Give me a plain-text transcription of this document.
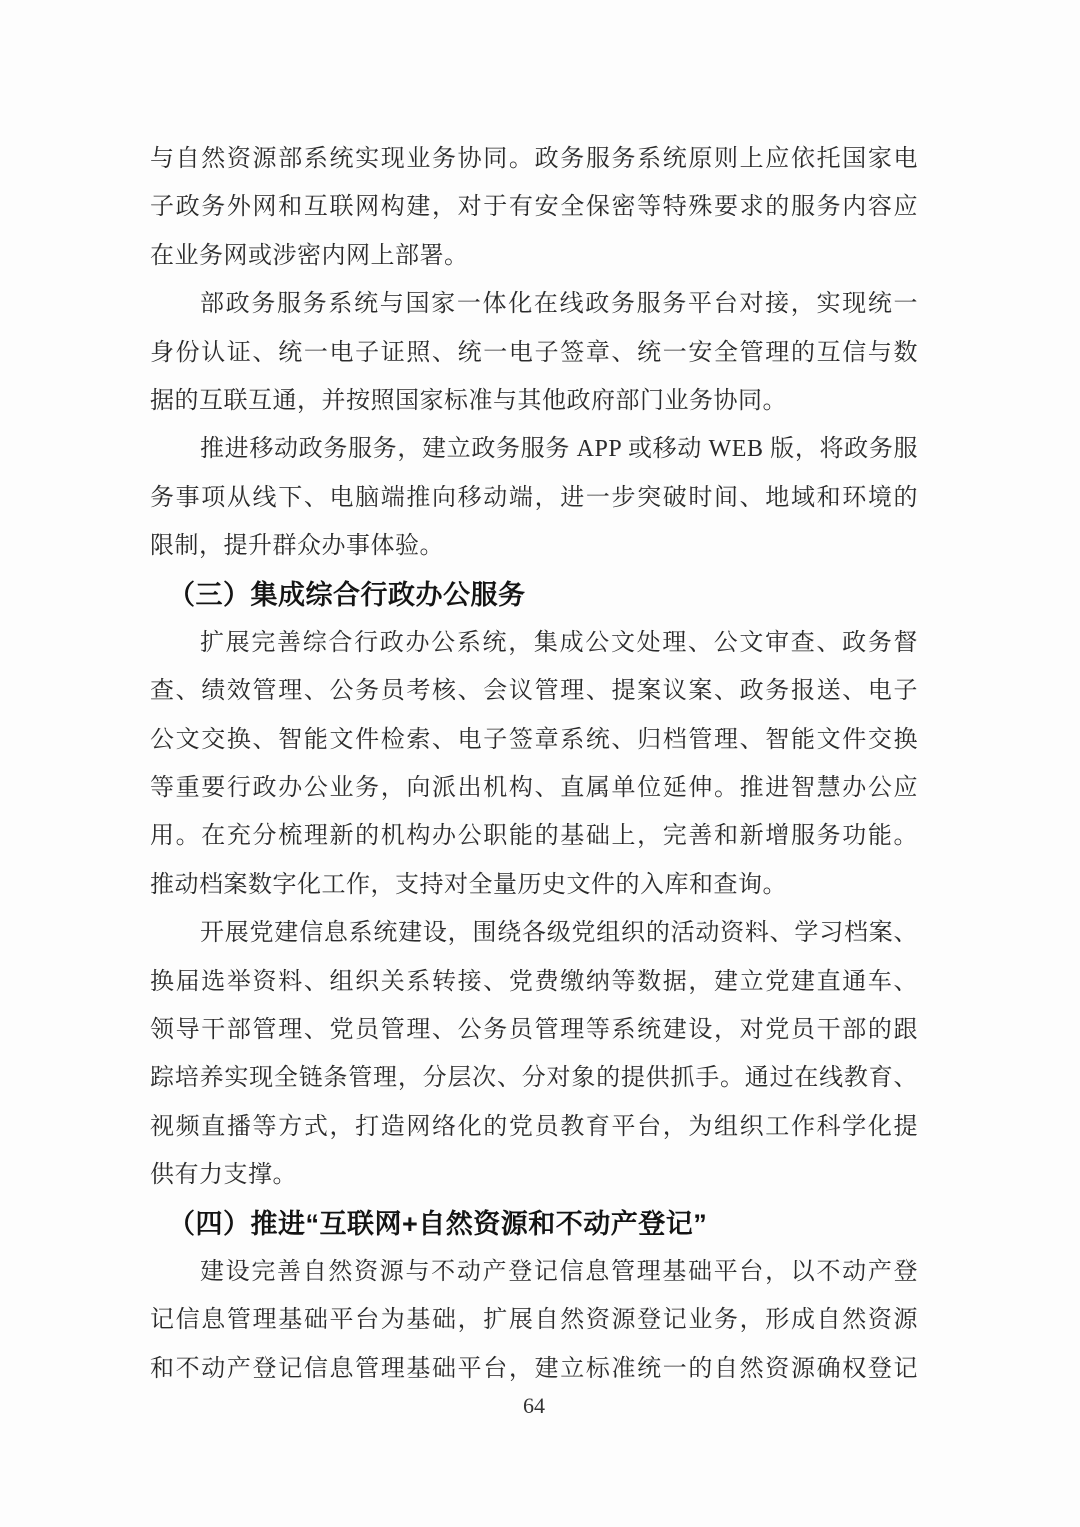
与自然资源部系统实现业务协同。政务服务系统原则上应依托国家电
子政务外网和互联网构建，对于有安全保密等特殊要求的服务内容应
在业务网或涉密内网上部署。
部政务服务系统与国家一体化在线政务服务平台对接，实现统一
身份认证、统一电子证照、统一电子签章、统一安全管理的互信与数
据的互联互通，并按照国家标准与其他政府部门业务协同。
推进移动政务服务，建立政务服务 APP 或移动 WEB 版，将政务服
务事项从线下、电脑端推向移动端，进一步突破时间、地域和环境的
限制，提升群众办事体验。
（三）集成综合行政办公服务
扩展完善综合行政办公系统，集成公文处理、公文审查、政务督
查、绩效管理、公务员考核、会议管理、提案议案、政务报送、电子
公文交换、智能文件检索、电子签章系统、归档管理、智能文件交换
等重要行政办公业务，向派出机构、直属单位延伸。推进智慧办公应
用。在充分梳理新的机构办公职能的基础上，完善和新增服务功能。
推动档案数字化工作，支持对全量历史文件的入库和查询。
开展党建信息系统建设，围绕各级党组织的活动资料、学习档案、
换届选举资料、组织关系转接、党费缴纳等数据，建立党建直通车、
领导干部管理、党员管理、公务员管理等系统建设，对党员干部的跟
踪培养实现全链条管理，分层次、分对象的提供抓手。通过在线教育、
视频直播等方式，打造网络化的党员教育平台，为组织工作科学化提
供有力支撑。
（四）推进“互联网+自然资源和不动产登记”
建设完善自然资源与不动产登记信息管理基础平台，以不动产登
记信息管理基础平台为基础，扩展自然资源登记业务，形成自然资源
和不动产登记信息管理基础平台，建立标准统一的自然资源确权登记
64
